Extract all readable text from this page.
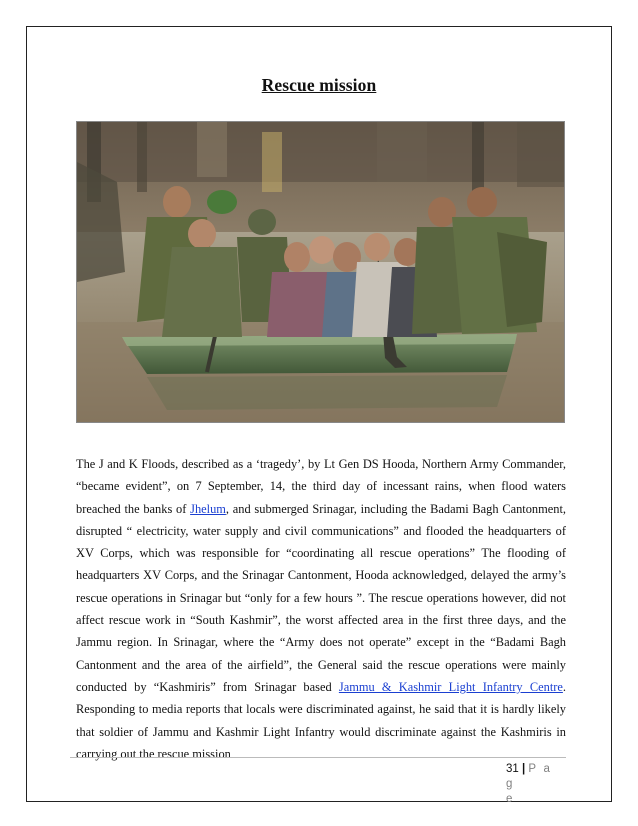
Rescue mission
The J and K Floods, described as a ‘tragedy’, by Lt Gen DS Hooda, Northern Army Commander, “became evident”, on 7 September, 14, the third day of incessant rains, when flood waters breached the banks of Jhelum, and submerged Srinagar, including the Badami Bagh Cantonment, disrupted “ electricity, water supply and civil communications” and flooded the headquarters of XV Corps, which was responsible for “coordinating all rescue operations” The flooding of headquarters XV Corps, and the Srinagar Cantonment, Hooda acknowledged, delayed the army’s rescue operations in Srinagar but “only for a few hours ”. The rescue operations however, did not affect rescue work in “South Kashmir”, the worst affected area in the first three days, and the Jammu region. In Srinagar, where the “Army does not operate” except in the “Badami Bagh Cantonment and the area of the airfield”, the General said the rescue operations were mainly conducted by “Kashmiris” from Srinagar based Jammu & Kashmir Light Infantry Centre. Responding to media reports that locals were discriminated against, he said that it is hardly likely that soldier of Jammu and Kashmir Light Infantry would discriminate against the Kashmiris in carrying out the rescue mission
31 | P a g
e
